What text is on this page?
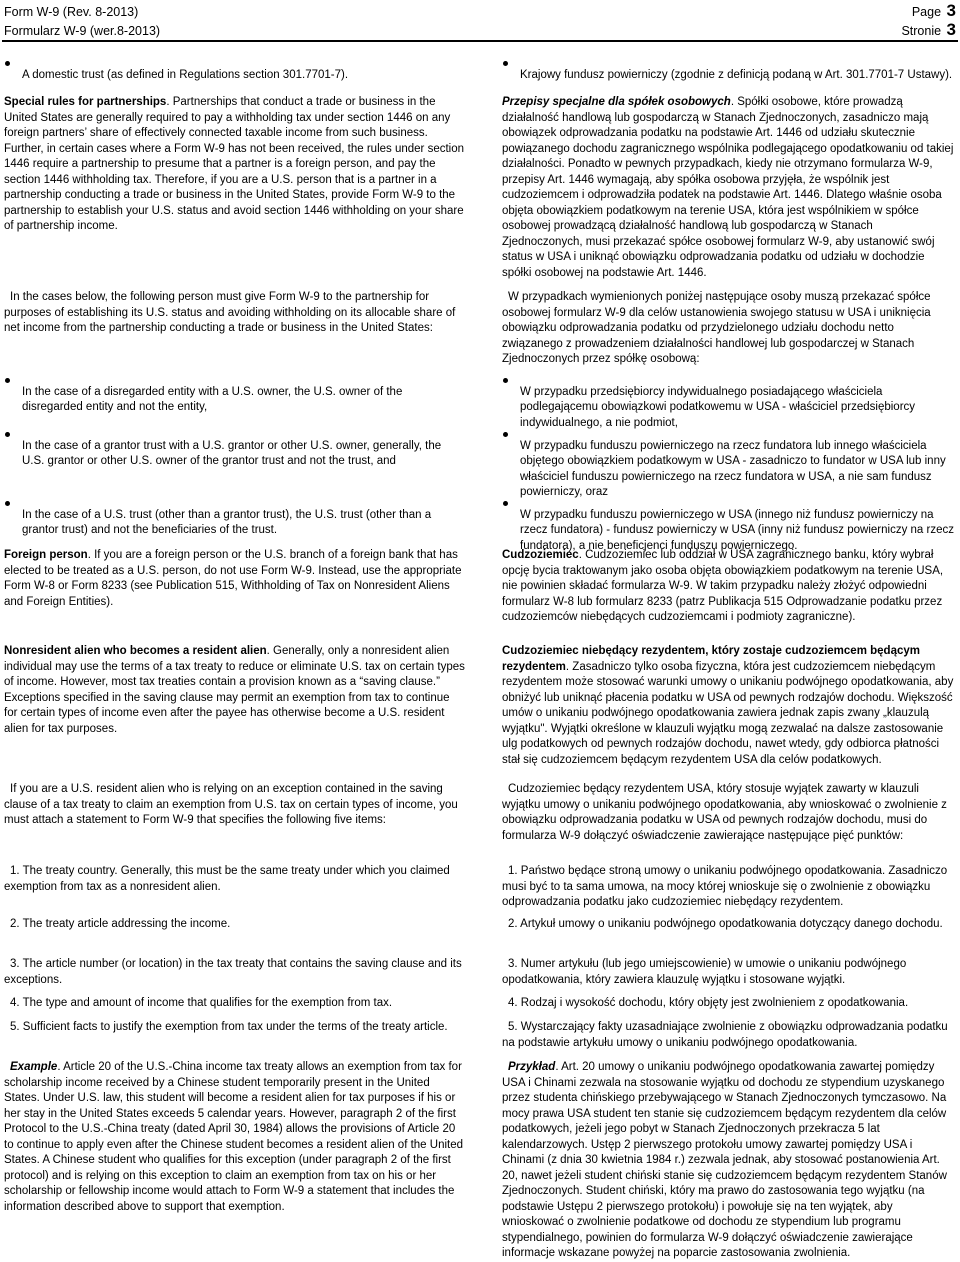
Form W-9 (Rev. 8-2013)	Page 3
Formularz W-9 (wer.8-2013)	Stronie 3

A domestic trust (as defined in Regulations section 301.7701-7).

Special rules for partnerships. Partnerships that conduct a trade or business in the United States are generally required to pay a withholding tax under section 1446 on any foreign partners’ share of effectively connected taxable income from such business. Further, in certain cases where a Form W-9 has not been received, the rules under section 1446 require a partnership to presume that a partner is a foreign person, and pay the section 1446 withholding tax. Therefore, if you are a U.S. person that is a partner in a partnership conducting a trade or business in the United States, provide Form W-9 to the partnership to establish your U.S. status and avoid section 1446 withholding on your share of partnership income.

In the cases below, the following person must give Form W-9 to the partnership for purposes of establishing its U.S. status and avoiding withholding on its allocable share of net income from the partnership conducting a trade or business in the United States:

In the case of a disregarded entity with a U.S. owner, the U.S. owner of the disregarded entity and not the entity,

In the case of a grantor trust with a U.S. grantor or other U.S. owner, generally, the U.S. grantor or other U.S. owner of the grantor trust and not the trust, and

In the case of a U.S. trust (other than a grantor trust), the U.S. trust (other than a grantor trust) and not the beneficiaries of the trust.

Foreign person. If you are a foreign person or the U.S. branch of a foreign bank that has elected to be treated as a U.S. person, do not use Form W-9. Instead, use the appropriate Form W-8 or Form 8233 (see Publication 515, Withholding of Tax on Nonresident Aliens and Foreign Entities).

Nonresident alien who becomes a resident alien. Generally, only a nonresident alien individual may use the terms of a tax treaty to reduce or eliminate U.S. tax on certain types of income. However, most tax treaties contain a provision known as a “saving clause.” Exceptions specified in the saving clause may permit an exemption from tax to continue for certain types of income even after the payee has otherwise become a U.S. resident alien for tax purposes.

If you are a U.S. resident alien who is relying on an exception contained in the saving clause of a tax treaty to claim an exemption from U.S. tax on certain types of income, you must attach a statement to Form W-9 that specifies the following five items:

1. The treaty country. Generally, this must be the same treaty under which you claimed exemption from tax as a nonresident alien.

2. The treaty article addressing the income.

3. The article number (or location) in the tax treaty that contains the saving clause and its exceptions.

4. The type and amount of income that qualifies for the exemption from tax.

5. Sufficient facts to justify the exemption from tax under the terms of the treaty article.

Example. Article 20 of the U.S.-China income tax treaty allows an exemption from tax for scholarship income received by a Chinese student temporarily present in the United States. Under U.S. law, this student will become a resident alien for tax purposes if his or her stay in the United States exceeds 5 calendar years. However, paragraph 2 of the first Protocol to the U.S.-China treaty (dated April 30, 1984) allows the provisions of Article 20 to continue to apply even after the Chinese student becomes a resident alien of the United States. A Chinese student who qualifies for this exception (under paragraph 2 of the first protocol) and is relying on this exception to claim an exemption from tax on his or her scholarship or fellowship income would attach to Form W-9 a statement that includes the information described above to support that exemption.

Krajowy fundusz powierniczy (zgodnie z definicją podaną w Art. 301.7701-7 Ustawy).

Przepisy specjalne dla spółek osobowych. Spółki osobowe, które prowadzą działalność handlową lub gospodarczą w Stanach Zjednoczonych, zasadniczo mają obowiązek odprowadzania podatku na podstawie Art. 1446 od udziału skutecznie powiązanego dochodu zagranicznego wspólnika podlegającego opodatkowaniu od takiej działalności. Ponadto w pewnych przypadkach, kiedy nie otrzymano formularza W-9, przepisy Art. 1446 wymagają, aby spółka osobowa przyjęła, że wspólnik jest cudzoziemcem i odprowadziła podatek na podstawie Art. 1446. Dlatego właśnie osoba objęta obowiązkiem podatkowym na terenie USA, która jest wspólnikiem w spółce osobowej prowadzącą działalność handlową lub gospodarczą w Stanach Zjednoczonych, musi przekazać spółce osobowej formularz W-9, aby ustanowić swój status w USA i uniknąć obowiązku odprowadzania podatku od udziału w dochodzie spółki osobowej na podstawie Art. 1446.

W przypadkach wymienionych poniżej następujące osoby muszą przekazać spółce osobowej formularz W-9 dla celów ustanowienia swojego statusu w USA i uniknięcia obowiązku odprowadzania podatku od przydzielonego udziału dochodu netto związanego z prowadzeniem działalności handlowej lub gospodarczej w Stanach Zjednoczonych przez spółkę osobową:

W przypadku przedsiębiorcy indywidualnego posiadającego właściciela podlegającemu obowiązkowi podatkowemu w USA - właściciel przedsiębiorcy indywidualnego, a nie podmiot,

W przypadku funduszu powierniczego na rzecz fundatora lub innego właściciela objętego obowiązkiem podatkowym w USA - zasadniczo to fundator w USA lub inny właściciel funduszu powierniczego na rzecz fundatora w USA, a nie sam fundusz powierniczy, oraz

W przypadku funduszu powierniczego w USA (innego niż fundusz powierniczy na rzecz fundatora) - fundusz powierniczy w USA (inny niż fundusz powierniczy na rzecz fundatora), a nie beneficjenci funduszu powierniczego.

Cudzoziemiec. Cudzoziemiec lub oddział w USA zagranicznego banku, który wybrał opcję bycia traktowanym jako osoba objęta obowiązkiem podatkowym na terenie USA, nie powinien składać formularza W-9. W takim przypadku należy złożyć odpowiedni formularz W-8 lub formularz 8233 (patrz Publikacja 515 Odprowadzanie podatku przez cudzoziemców niebędących cudzoziemcami i podmioty zagraniczne).

Cudzoziemiec niebędący rezydentem, który zostaje cudzoziemcem będącym rezydentem. Zasadniczo tylko osoba fizyczna, która jest cudzoziemcem niebędącym rezydentem może stosować warunki umowy o unikaniu podwójnego opodatkowania, aby obniżyć lub uniknąć płacenia podatku w USA od pewnych rodzajów dochodu. Większość umów o unikaniu podwójnego opodatkowania zawiera jednak zapis zwany „klauzulą wyjątku". Wyjątki określone w klauzuli wyjątku mogą zezwalać na dalsze zastosowanie ulg podatkowych od pewnych rodzajów dochodu, nawet wtedy, gdy odbiorca płatności stał się cudzoziemcem będącym rezydentem USA dla celów podatkowych.

Cudzoziemiec będący rezydentem USA, który stosuje wyjątek zawarty w klauzuli wyjątku umowy o unikaniu podwójnego opodatkowania, aby wnioskować o zwolnienie z obowiązku odprowadzania podatku w USA od pewnych rodzajów dochodu, musi do formularza W-9 dołączyć oświadczenie zawierające następujące pięć punktów:

1. Państwo będące stroną umowy o unikaniu podwójnego opodatkowania. Zasadniczo musi być to ta sama umowa, na mocy której wnioskuje się o zwolnienie z obowiązku odprowadzania podatku jako cudzoziemiec niebędący rezydentem.

2. Artykuł umowy o unikaniu podwójnego opodatkowania dotyczący danego dochodu.

3. Numer artykułu (lub jego umiejscowienie) w umowie o unikaniu podwójnego opodatkowania, który zawiera klauzulę wyjątku i stosowane wyjątki.

4. Rodzaj i wysokość dochodu, który objęty jest zwolnieniem z opodatkowania.

5. Wystarczający fakty uzasadniające zwolnienie z obowiązku odprowadzania podatku na podstawie artykułu umowy o unikaniu podwójnego opodatkowania.

Przykład. Art. 20 umowy o unikaniu podwójnego opodatkowania zawartej pomiędzy USA i Chinami zezwala na stosowanie wyjątku od dochodu ze stypendium uzyskanego przez studenta chińskiego przebywającego w Stanach Zjednoczonych tymczasowo. Na mocy prawa USA student ten stanie się cudzoziemcem będącym rezydentem dla celów podatkowych, jeżeli jego pobyt w Stanach Zjednoczonych przekracza 5 lat kalendarzowych. Ustęp 2 pierwszego protokołu umowy zawartej pomiędzy USA i Chinami (z dnia 30 kwietnia 1984 r.) zezwala jednak, aby stosować postanowienia Art. 20, nawet jeżeli student chiński stanie się cudzoziemcem będącym rezydentem Stanów Zjednoczonych. Student chiński, który ma prawo do zastosowania tego wyjątku (na podstawie Ustępu 2 pierwszego protokołu) i powołuje się na ten wyjątek, aby wnioskować o zwolnienie podatkowe od dochodu ze stypendium lub programu stypendialnego, powinien do formularza W-9 dołączyć oświadczenie zawierające informacje wskazane powyżej na poparcie zastosowania zwolnienia.
